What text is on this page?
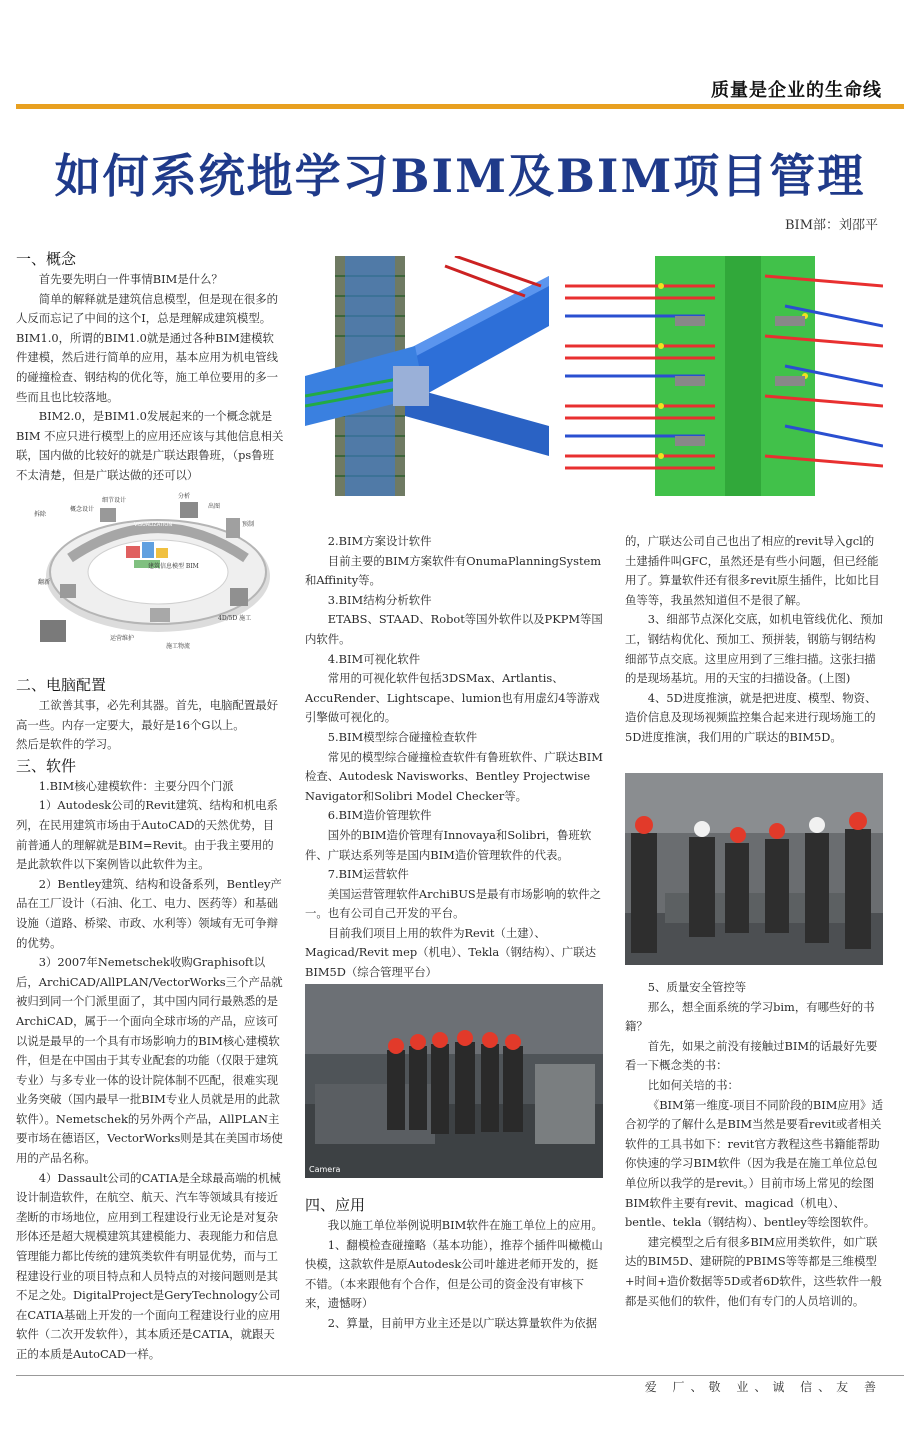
质量是企业的生命线
如何系统地学习BIM及BIM项目管理
BIM部：刘邵平
一、概念

首先要先明白一件事情BIM是什么？

简单的解释就是建筑信息模型，但是现在很多的人反而忘记了中间的这个I，总是理解成建筑模型。BIM1.0，所谓的BIM1.0就是通过各种BIM建模软件建模，然后进行简单的应用，基本应用为机电管线的碰撞检查、钢结构的优化等，施工单位要用的多一些而且也比较落地。

BIM2.0，是BIM1.0发展起来的一个概念就是BIM 不应只进行模型上的应用还应该与其他信息相关联，国内做的比较好的就是广联达跟鲁班，（ps鲁班不太清楚，但是广联达做的还可以）

VISUALIZATION
建筑信息模型 BIM
概念设计
细节设计
分析
出图
预制
4D/5D 施工
施工物流
运营维护
翻新
拆除
二、电脑配置

工欲善其事，必先利其器。首先，电脑配置最好高一些。内存一定要大，最好是16个G以上。

然后是软件的学习。

三、软件

1.BIM核心建模软件：主要分四个门派

1）Autodesk公司的Revit建筑、结构和机电系列，在民用建筑市场由于AutoCAD的天然优势，目前普通人的理解就是BIM=Revit。由于我主要用的是此款软件以下案例皆以此软件为主。

2）Bentley建筑、结构和设备系列，Bentley产品在工厂设计（石油、化工、电力、医药等）和基础设施（道路、桥梁、市政、水利等）领域有无可争辩的优势。

3）2007年Nemetschek收购Graphisoft以后，ArchiCAD/AllPLAN/VectorWorks三个产品就被归到同一个门派里面了，其中国内同行最熟悉的是ArchiCAD，属于一个面向全球市场的产品，应该可以说是最早的一个具有市场影响力的BIM核心建模软件，但是在中国由于其专业配套的功能（仅限于建筑专业）与多专业一体的设计院体制不匹配，很难实现业务突破（国内最早一批BIM专业人员就是用的此款软件）。Nemetschek的另外两个产品，AllPLAN主要市场在德语区，VectorWorks则是其在美国市场使用的产品名称。

4）Dassault公司的CATIA是全球最高端的机械设计制造软件，在航空、航天、汽车等领域具有接近垄断的市场地位，应用到工程建设行业无论是对复杂形体还是超大规模建筑其建模能力、表现能力和信息管理能力都比传统的建筑类软件有明显优势，而与工程建设行业的项目特点和人员特点的对接问题则是其不足之处。DigitalProject是GeryTechnology公司在CATIA基础上开发的一个面向工程建设行业的应用软件（二次开发软件），其本质还是CATIA，就跟天正的本质是AutoCAD一样。

2.BIM方案设计软件

目前主要的BIM方案软件有OnumaPlanningSystem和Affinity等。

3.BIM结构分析软件

ETABS、STAAD、Robot等国外软件以及PKPM等国内软件。

4.BIM可视化软件

常用的可视化软件包括3DSMax、Artlantis、AccuRender、Lightscape、lumion也有用虚幻4等游戏引擎做可视化的。

5.BIM模型综合碰撞检查软件

常见的模型综合碰撞检查软件有鲁班软件、广联达BIM检查、Autodesk Navisworks、Bentley Projectwise Navigator和Solibri Model Checker等。

6.BIM造价管理软件

国外的BIM造价管理有Innovaya和Solibri，鲁班软件、广联达系列等是国内BIM造价管理软件的代表。

7.BIM运营软件

美国运营管理软件ArchiBUS是最有市场影响的软件之一。也有公司自己开发的平台。

目前我们项目上用的软件为Revit（土建）、Magicad/Revit mep（机电）、Tekla（钢结构）、广联达BIM5D（综合管理平台）

Camera
四、应用

我以施工单位举例说明BIM软件在施工单位上的应用。

1、翻模检查碰撞略（基本功能），推荐个插件叫橄榄山快模，这款软件是原Autodesk公司叶雄进老师开发的，挺不错。（本来跟他有个合作，但是公司的资金没有审核下来，遗憾呀）

2、算量，目前甲方业主还是以广联达算量软件为依据

的，广联达公司自己也出了相应的revit导入gcl的土建插件叫GFC，虽然还是有些小问题，但已经能用了。算量软件还有很多revit原生插件，比如比目鱼等等，我虽然知道但不是很了解。

3、细部节点深化交底，如机电管线优化、预加工，钢结构优化、预加工、预拼装，钢筋与钢结构细部节点交底。这里应用到了三维扫描。这张扫描的是现场基坑。用的天宝的扫描设备。(上图)

4、5D进度推演，就是把进度、模型、物资、造价信息及现场视频监控集合起来进行现场施工的5D进度推演，我们用的广联达的BIM5D。

5、质量安全管控等

那么，想全面系统的学习bim，有哪些好的书籍？

首先，如果之前没有接触过BIM的话最好先要看一下概念类的书：

比如何关培的书：

《BIM第一维度-项目不同阶段的BIM应用》适合初学的了解什么是BIM当然是要看revit或者相关软件的工具书如下：revit官方教程这些书籍能帮助你快速的学习BIM软件（因为我是在施工单位总包单位所以我学的是revit。）目前市场上常见的绘图BIM软件主要有revit、magicad（机电）、bentle、tekla（钢结构）、bentley等绘图软件。

建完模型之后有很多BIM应用类软件，如广联达的BIM5D、建研院的PBIMS等等都是三维模型+时间+造价数据等5D或者6D软件，这些软件一般都是买他们的软件，他们有专门的人员培训的。

爱 厂、敬 业、诚 信、友 善
